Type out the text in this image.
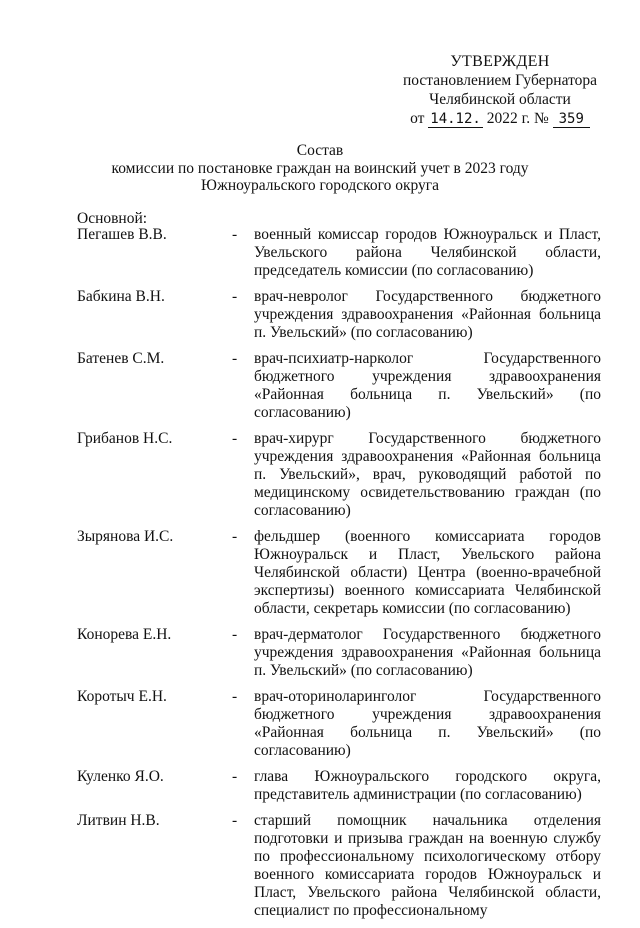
УТВЕРЖДЕН
постановлением Губернатора
Челябинской области
от 14.12. 2022 г. № 359
Состав
комиссии по постановке граждан на воинский учет в 2023 году
Южноуральского городского округа
Основной:
Пегашев В.В.	-	военный комиссар городов Южноуральск и Пласт, Увельского района Челябинской области, председатель комиссии (по согласованию)
Бабкина В.Н.	-	врач-невролог Государственного бюджетного учреждения здравоохранения «Районная больница п. Увельский» (по согласованию)
Батенев С.М.	-	врач-психиатр-нарколог Государственного бюджетного учреждения здравоохранения «Районная больница п. Увельский» (по согласованию)
Грибанов Н.С.	-	врач-хирург Государственного бюджетного учреждения здравоохранения «Районная больница п. Увельский», врач, руководящий работой по медицинскому освидетельствованию граждан (по согласованию)
Зырянова И.С.	-	фельдшер (военного комиссариата городов Южноуральск и Пласт, Увельского района Челябинской области) Центра (военно-врачебной экспертизы) военного комиссариата Челябинской области, секретарь комиссии (по согласованию)
Конорева Е.Н.	-	врач-дерматолог Государственного бюджетного учреждения здравоохранения «Районная больница п. Увельский» (по согласованию)
Коротыч Е.Н.	-	врач-оториноларинголог Государственного бюджетного учреждения здравоохранения «Районная больница п. Увельский» (по согласованию)
Куленко Я.О.	-	глава Южноуральского городского округа, представитель администрации (по согласованию)
Литвин Н.В.	-	старший помощник начальника отделения подготовки и призыва граждан на военную службу по профессиональному психологическому отбору военного комиссариата городов Южноуральск и Пласт, Увельского района Челябинской области, специалист по профессиональному
